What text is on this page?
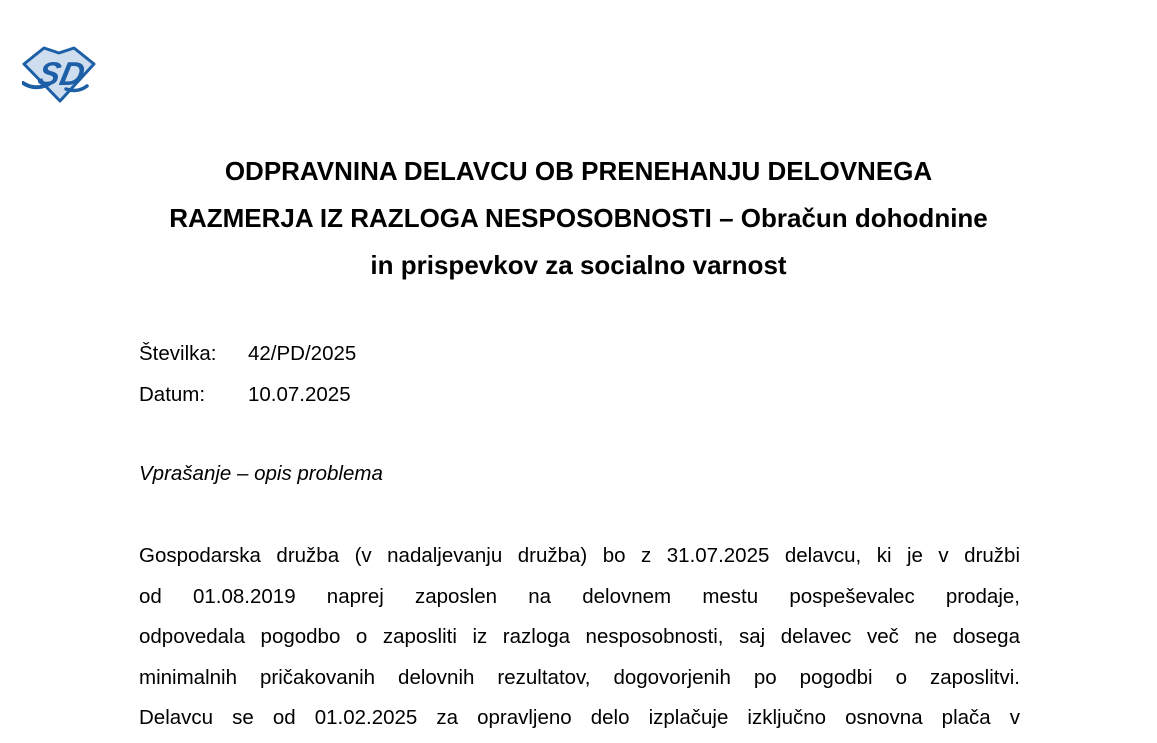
SD
ODPRAVNINA DELAVCU OB PRENEHANJU DELOVNEGA
RAZMERJA IZ RAZLOGA NESPOSOBNOSTI – Obračun dohodnine
in prispevkov za socialno varnost
Številka:	42/PD/2025
Datum:	10.07.2025
Vprašanje – opis problema
Gospodarska družba (v nadaljevanju družba) bo z 31.07.2025 delavcu, ki je v družbi
od 01.08.2019 naprej zaposlen na delovnem mestu pospeševalec prodaje,
odpovedala pogodbo o zaposliti iz razloga nesposobnosti, saj delavec več ne dosega
minimalnih pričakovanih delovnih rezultatov, dogovorjenih po pogodbi o zaposlitvi.
Delavcu se od 01.02.2025 za opravljeno delo izplačuje izključno osnovna plača v
